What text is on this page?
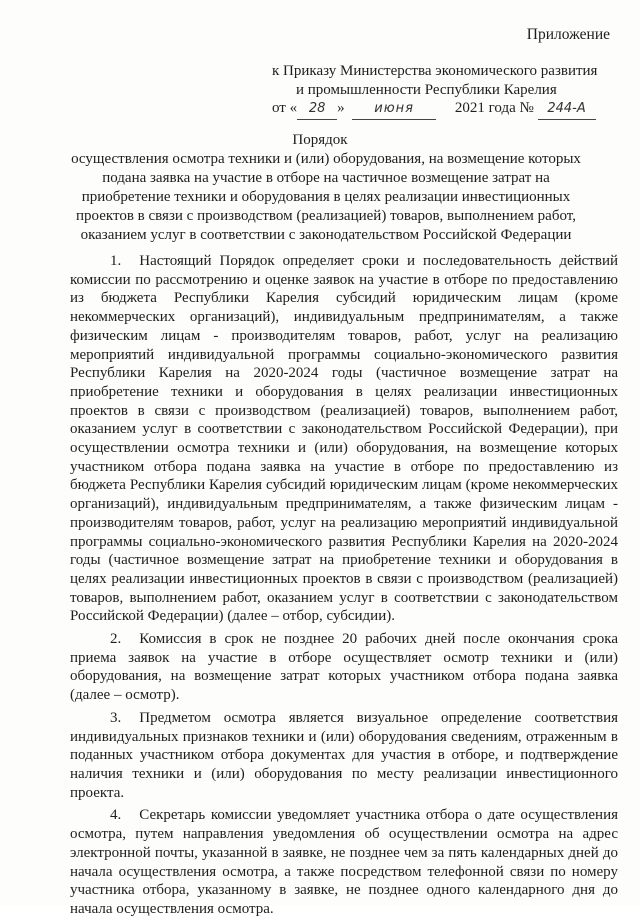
Приложение
к Приказу Министерства экономического развития
и промышленности Республики Карелия
от « 28 » июня	2021 года № 244-А
Порядок
осуществления осмотра техники и (или) оборудования, на возмещение которых подана заявка на участие в отборе на частичное возмещение затрат на приобретение техники и оборудования в целях реализации инвестиционных проектов в связи с производством (реализацией) товаров, выполнением работ, оказанием услуг в соответствии с законодательством Российской Федерации

1. Настоящий Порядок определяет сроки и последовательность действий комиссии по рассмотрению и оценке заявок на участие в отборе по предоставлению из бюджета Республики Карелия субсидий юридическим лицам (кроме некоммерческих организаций), индивидуальным предпринимателям, а также физическим лицам - производителям товаров, работ, услуг на реализацию мероприятий индивидуальной программы социально-экономического развития Республики Карелия на 2020-2024 годы (частичное возмещение затрат на приобретение техники и оборудования в целях реализации инвестиционных проектов в связи с производством (реализацией) товаров, выполнением работ, оказанием услуг в соответствии с законодательством Российской Федерации), при осуществлении осмотра техники и (или) оборудования, на возмещение которых участником отбора подана заявка на участие в отборе по предоставлению из бюджета Республики Карелия субсидий юридическим лицам (кроме некоммерческих организаций), индивидуальным предпринимателям, а также физическим лицам - производителям товаров, работ, услуг на реализацию мероприятий индивидуальной программы социально-экономического развития Республики Карелия на 2020-2024 годы (частичное возмещение затрат на приобретение техники и оборудования в целях реализации инвестиционных проектов в связи с производством (реализацией) товаров, выполнением работ, оказанием услуг в соответствии с законодательством Российской Федерации) (далее – отбор, субсидии).

2. Комиссия в срок не позднее 20 рабочих дней после окончания срока приема заявок на участие в отборе осуществляет осмотр техники и (или) оборудования, на возмещение затрат которых участником отбора подана заявка (далее – осмотр).

3. Предметом осмотра является визуальное определение соответствия индивидуальных признаков техники и (или) оборудования сведениям, отраженным в поданных участником отбора документах для участия в отборе, и подтверждение наличия техники и (или) оборудования по месту реализации инвестиционного проекта.

4. Секретарь комиссии уведомляет участника отбора о дате осуществления осмотра, путем направления уведомления об осуществлении осмотра на адрес электронной почты, указанной в заявке, не позднее чем за пять календарных дней до начала осуществления осмотра, а также посредством телефонной связи по номеру участника отбора, указанному в заявке, не позднее одного календарного дня до начала осуществления осмотра.
